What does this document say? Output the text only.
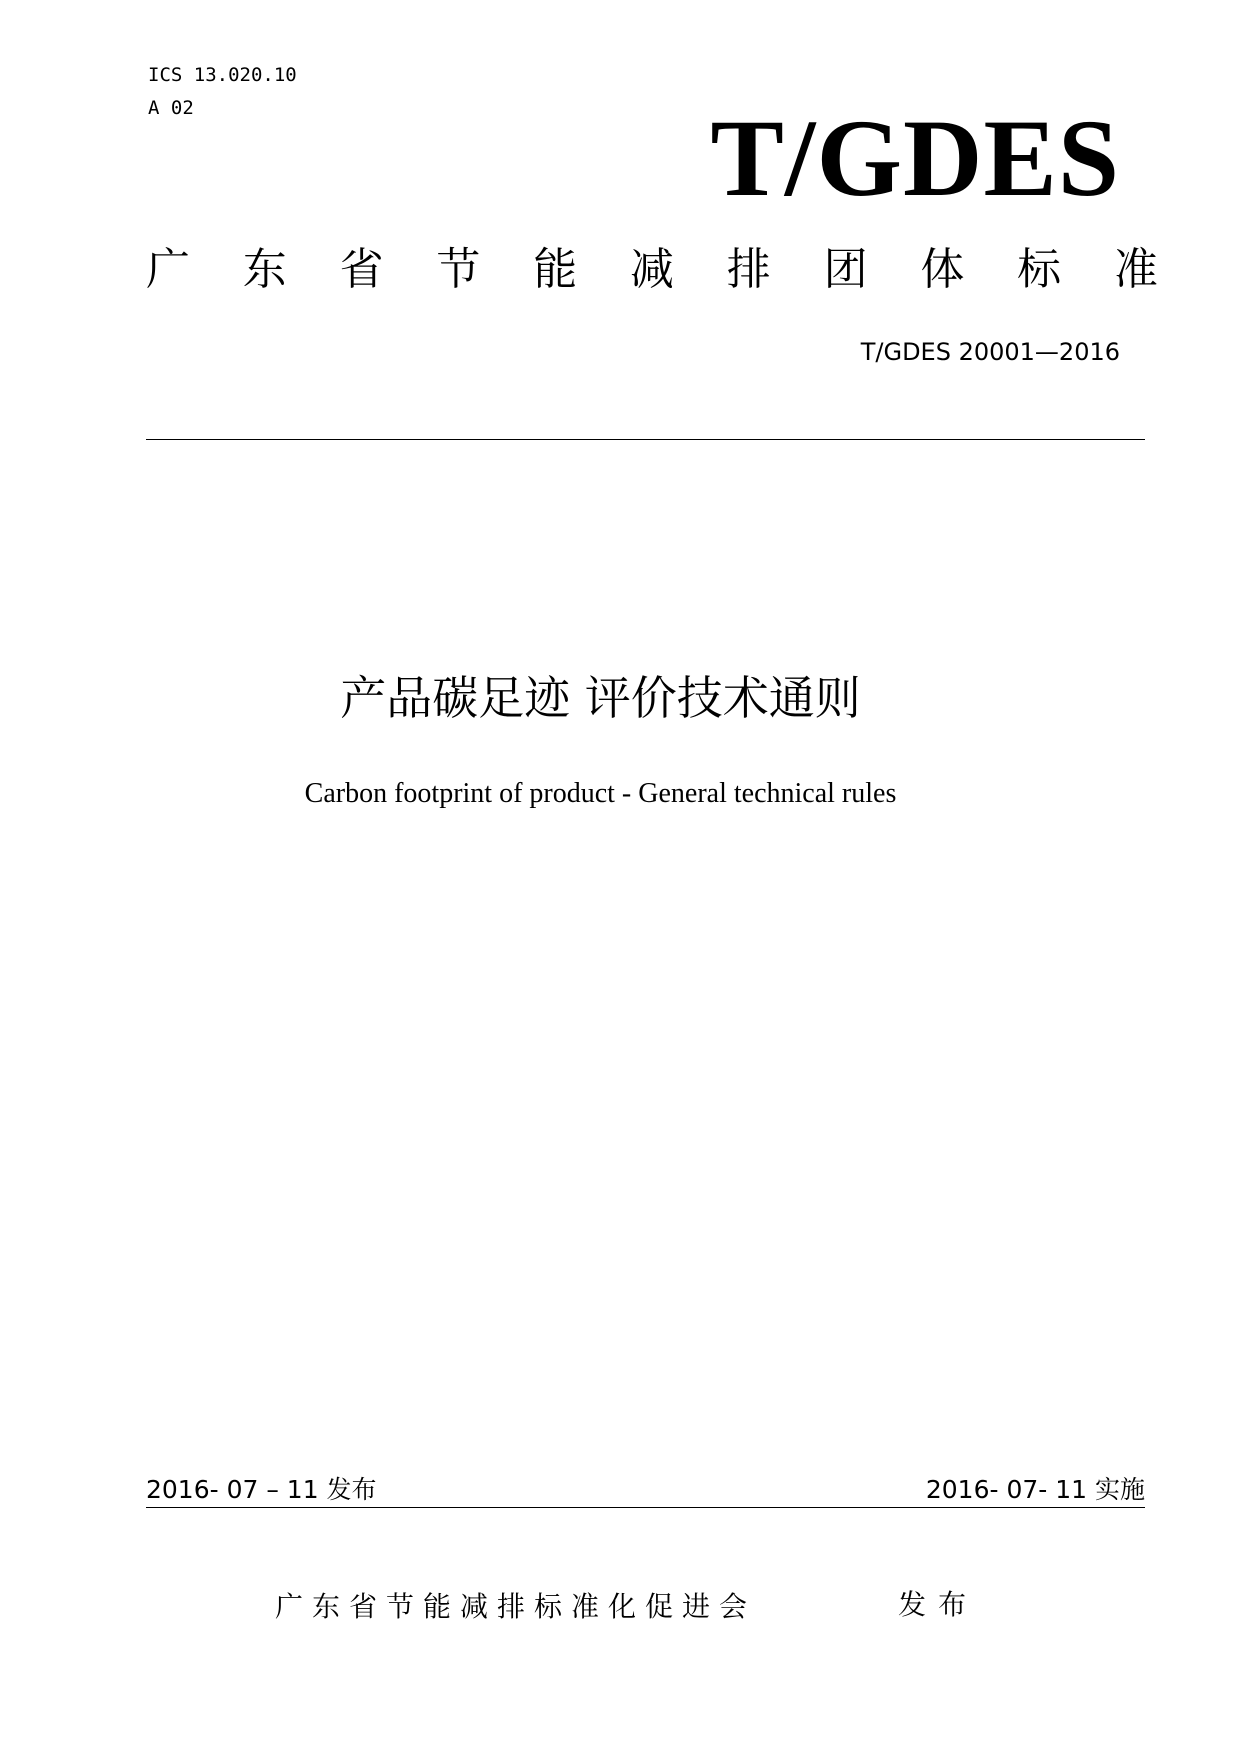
ICS 13.020.10
A 02	T/GDES
广 东 省 节 能 减 排 团 体 标 准
T/GDES 20001—2016
产品碳足迹 评价技术通则
Carbon footprint of product - General technical rules
2016- 07 – 11 发布	2016- 07- 11 实施
广东省节能减排标准化促进会	发布
